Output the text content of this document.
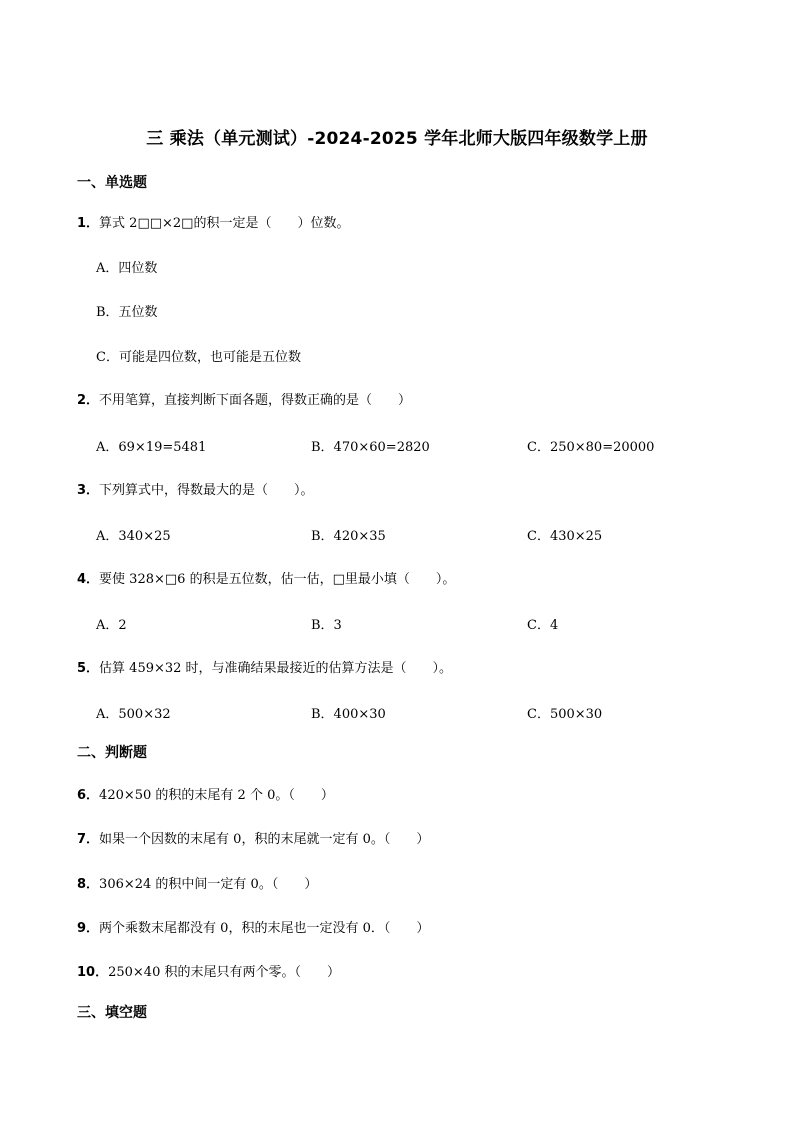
三 乘法（单元测试）-2024-2025 学年北师大版四年级数学上册
一、单选题
1．算式 2□□×2□的积一定是（　　）位数。
A．四位数
B．五位数
C．可能是四位数，也可能是五位数
2．不用笔算，直接判断下面各题，得数正确的是（　　）
A．69×19=5481	B．470×60=2820	C．250×80=20000
3．下列算式中，得数最大的是（　　）。
A．340×25	B．420×35	C．430×25
4．要使 328×□6 的积是五位数，估一估，□里最小填（　　）。
A．2	B．3	C．4
5．估算 459×32 时，与准确结果最接近的估算方法是（　　）。
A．500×32	B．400×30	C．500×30
二、判断题
6．420×50 的积的末尾有 2 个 0。（　　）
7．如果一个因数的末尾有 0，积的末尾就一定有 0。（　　）
8．306×24 的积中间一定有 0。（　　）
9．两个乘数末尾都没有 0，积的末尾也一定没有 0．（　　）
10．250×40 积的末尾只有两个零。（　　）
三、填空题
